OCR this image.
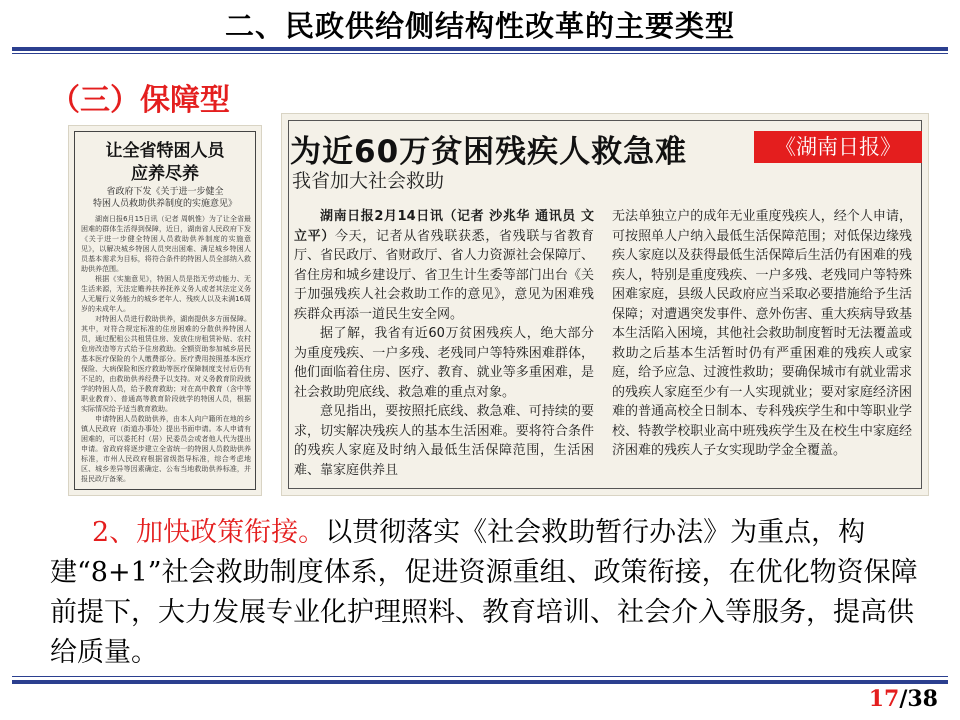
二、民政供给侧结构性改革的主要类型
（三）保障型
让全省特困人员
应养尽养
省政府下发《关于进一步健全
特困人员救助供养制度的实施意见》

湖南日报6月15日讯（记者 周帆惟）为了让全省最困难的群体生活得到保障，近日，湖南省人民政府下发《关于进一步健全特困人员救助供养制度的实施意见》，以解决城乡特困人员突出困难、满足城乡特困人员基本需求为目标，将符合条件的特困人员全部纳入救助供养范围。

根据《实施意见》，特困人员是指无劳动能力、无生活来源，无法定赡养扶养抚养义务人或者其法定义务人无履行义务能力的城乡老年人、残疾人以及未满16周岁的未成年人。

对特困人员进行救助供养，湖南提供多方面保障。其中，对符合规定标准的住房困难的分散供养特困人员，通过配租公共租赁住房、发放住房租赁补贴、农村危房改造等方式给予住房救助。全额资助参加城乡居民基本医疗保险的个人缴费部分。医疗费用按照基本医疗保险、大病保险和医疗救助等医疗保障制度支付后仍有不足的，由救助供养经费予以支持。对义务教育阶段就学的特困人员，给予教育救助；对在高中教育（含中等职业教育）、普通高等教育阶段就学的特困人员，根据实际情况给予适当教育救助。

申请特困人员救助供养，由本人向户籍所在地的乡镇人民政府（街道办事处）提出书面申请。本人申请有困难的，可以委托村（居）民委员会或者他人代为提出申请。省政府将逐步建立全省统一的特困人员救助供养标准，市州人民政府根据省级指导标准，综合考虑地区、城乡差异等因素确定、公布当地救助供养标准，并报民政厅备案。

为近60万贫困残疾人救急难
我省加大社会救助
《湖南日报》

湖南日报2月14日讯（记者 沙兆华 通讯员 文立平）今天，记者从省残联获悉，省残联与省教育厅、省民政厅、省财政厅、省人力资源社会保障厅、省住房和城乡建设厅、省卫生计生委等部门出台《关于加强残疾人社会救助工作的意见》，意见为困难残疾群众再添一道民生安全网。

据了解，我省有近60万贫困残疾人，绝大部分为重度残疾、一户多残、老残同户等特殊困难群体，他们面临着住房、医疗、教育、就业等多重困难，是社会救助兜底线、救急难的重点对象。

意见指出，要按照托底线、救急难、可持续的要求，切实解决残疾人的基本生活困难。要将符合条件的残疾人家庭及时纳入最低生活保障范围，生活困难、靠家庭供养且

无法单独立户的成年无业重度残疾人，经个人申请，可按照单人户纳入最低生活保障范围；对低保边缘残疾人家庭以及获得最低生活保障后生活仍有困难的残疾人，特别是重度残疾、一户多残、老残同户等特殊困难家庭，县级人民政府应当采取必要措施给予生活保障；对遭遇突发事件、意外伤害、重大疾病导致基本生活陷入困境，其他社会救助制度暂时无法覆盖或救助之后基本生活暂时仍有严重困难的残疾人或家庭，给予应急、过渡性救助；要确保城市有就业需求的残疾人家庭至少有一人实现就业；要对家庭经济困难的普通高校全日制本、专科残疾学生和中等职业学校、特教学校职业高中班残疾学生及在校生中家庭经济困难的残疾人子女实现助学金全覆盖。

2、加快政策衔接。以贯彻落实《社会救助暂行办法》为重点，构建“8+1”社会救助制度体系，促进资源重组、政策衔接，在优化物资保障前提下，大力发展专业化护理照料、教育培训、社会介入等服务，提高供给质量。
17/38
